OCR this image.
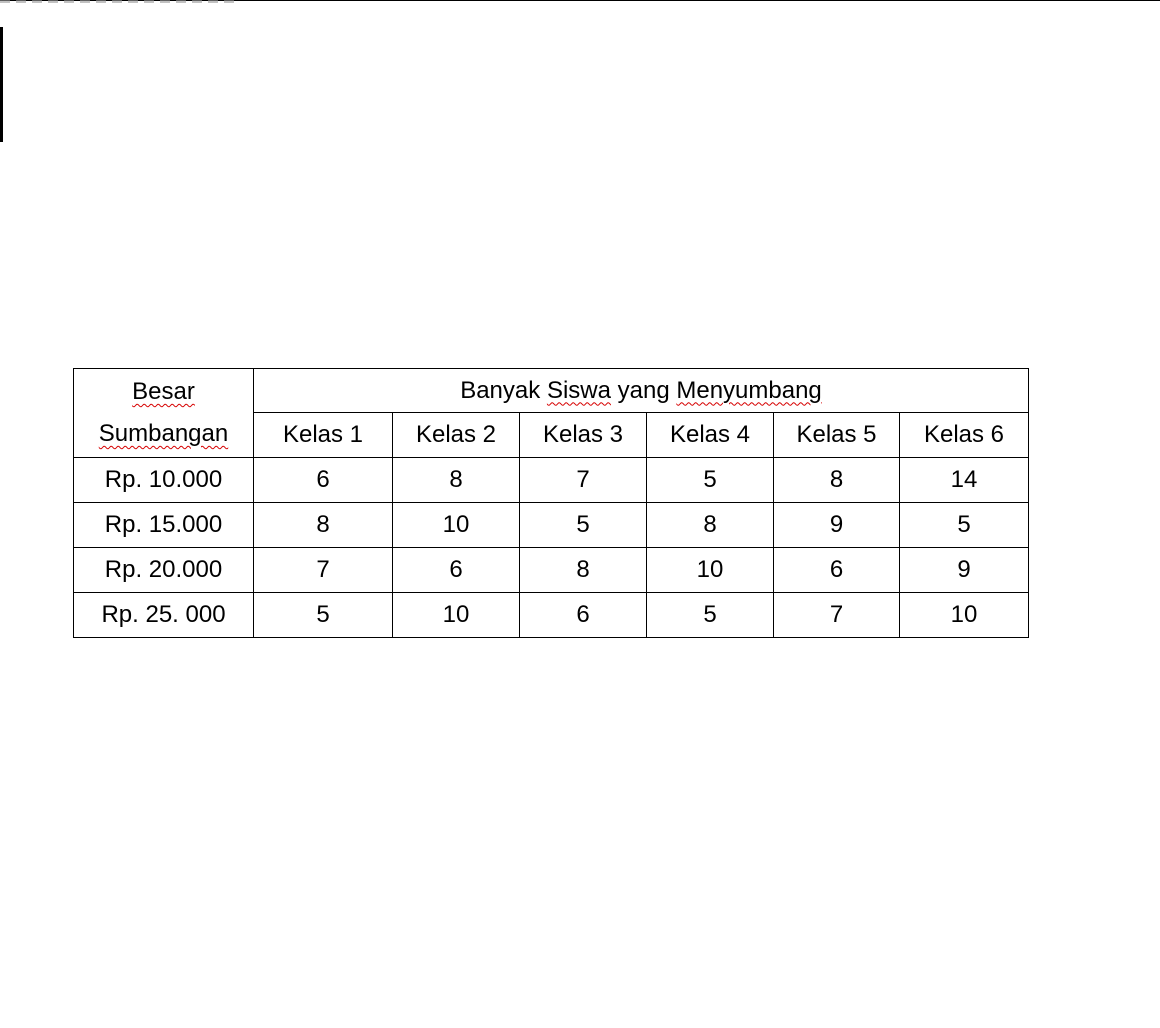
Besar
Sumbangan	Banyak Siswa yang Menyumbang					
	Kelas 1	Kelas 2	Kelas 3	Kelas 4	Kelas 5	Kelas 6
Rp. 10.000	6	8	7	5	8	14
Rp. 15.000	8	10	5	8	9	5
Rp. 20.000	7	6	8	10	6	9
Rp. 25. 000	5	10	6	5	7	10
